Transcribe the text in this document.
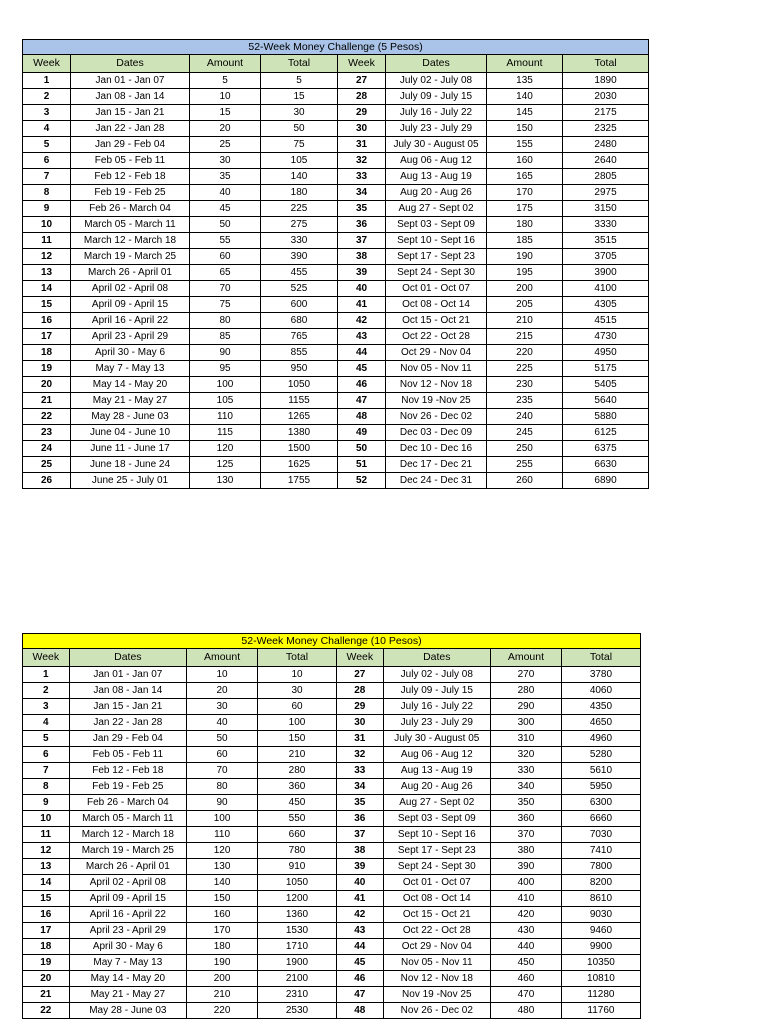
52-Week Money Challenge (5 Pesos)							
Week	Dates	Amount	Total	Week	Dates	Amount	Total
1	Jan 01 - Jan 07	5	5	27	July 02 - July 08	135	1890
2	Jan 08 - Jan 14	10	15	28	July 09 - July 15	140	2030
3	Jan 15 - Jan 21	15	30	29	July 16 - July 22	145	2175
4	Jan 22 - Jan 28	20	50	30	July 23 - July 29	150	2325
5	Jan 29 - Feb 04	25	75	31	July 30 - August 05	155	2480
6	Feb 05 - Feb 11	30	105	32	Aug 06 - Aug 12	160	2640
7	Feb 12 - Feb 18	35	140	33	Aug 13 - Aug 19	165	2805
8	Feb 19 - Feb 25	40	180	34	Aug 20 - Aug 26	170	2975
9	Feb 26 - March 04	45	225	35	Aug 27 - Sept 02	175	3150
10	March 05 - March 11	50	275	36	Sept 03 - Sept 09	180	3330
11	March 12 - March 18	55	330	37	Sept 10 - Sept 16	185	3515
12	March 19 - March 25	60	390	38	Sept 17 - Sept 23	190	3705
13	March 26 - April 01	65	455	39	Sept 24 - Sept 30	195	3900
14	April 02 - April 08	70	525	40	Oct 01 - Oct 07	200	4100
15	April 09 - April 15	75	600	41	Oct 08 - Oct 14	205	4305
16	April 16 - April 22	80	680	42	Oct 15 - Oct 21	210	4515
17	April 23 - April 29	85	765	43	Oct 22 - Oct 28	215	4730
18	April 30 - May 6	90	855	44	Oct 29 - Nov 04	220	4950
19	May 7 - May 13	95	950	45	Nov 05 - Nov 11	225	5175
20	May 14 - May 20	100	1050	46	Nov 12 - Nov 18	230	5405
21	May 21 - May 27	105	1155	47	Nov 19 -Nov 25	235	5640
22	May 28 - June 03	110	1265	48	Nov 26 - Dec 02	240	5880
23	June 04 - June 10	115	1380	49	Dec 03 - Dec 09	245	6125
24	June 11 - June 17	120	1500	50	Dec 10 - Dec 16	250	6375
25	June 18 - June 24	125	1625	51	Dec 17 - Dec 21	255	6630
26	June 25 - July 01	130	1755	52	Dec 24 - Dec 31	260	6890
52-Week Money Challenge (10 Pesos)							
Week	Dates	Amount	Total	Week	Dates	Amount	Total
1	Jan 01 - Jan 07	10	10	27	July 02 - July 08	270	3780
2	Jan 08 - Jan 14	20	30	28	July 09 - July 15	280	4060
3	Jan 15 - Jan 21	30	60	29	July 16 - July 22	290	4350
4	Jan 22 - Jan 28	40	100	30	July 23 - July 29	300	4650
5	Jan 29 - Feb 04	50	150	31	July 30 - August 05	310	4960
6	Feb 05 - Feb 11	60	210	32	Aug 06 - Aug 12	320	5280
7	Feb 12 - Feb 18	70	280	33	Aug 13 - Aug 19	330	5610
8	Feb 19 - Feb 25	80	360	34	Aug 20 - Aug 26	340	5950
9	Feb 26 - March 04	90	450	35	Aug 27 - Sept 02	350	6300
10	March 05 - March 11	100	550	36	Sept 03 - Sept 09	360	6660
11	March 12 - March 18	110	660	37	Sept 10 - Sept 16	370	7030
12	March 19 - March 25	120	780	38	Sept 17 - Sept 23	380	7410
13	March 26 - April 01	130	910	39	Sept 24 - Sept 30	390	7800
14	April 02 - April 08	140	1050	40	Oct 01 - Oct 07	400	8200
15	April 09 - April 15	150	1200	41	Oct 08 - Oct 14	410	8610
16	April 16 - April 22	160	1360	42	Oct 15 - Oct 21	420	9030
17	April 23 - April 29	170	1530	43	Oct 22 - Oct 28	430	9460
18	April 30 - May 6	180	1710	44	Oct 29 - Nov 04	440	9900
19	May 7 - May 13	190	1900	45	Nov 05 - Nov 11	450	10350
20	May 14 - May 20	200	2100	46	Nov 12 - Nov 18	460	10810
21	May 21 - May 27	210	2310	47	Nov 19 -Nov 25	470	11280
22	May 28 - June 03	220	2530	48	Nov 26 - Dec 02	480	11760
